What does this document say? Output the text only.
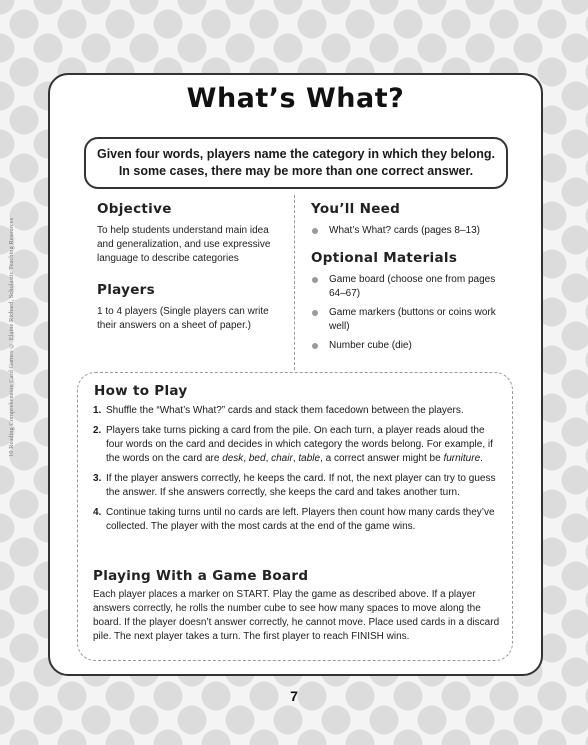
10 Reading Comprehension Card Games © Elaine Richard, Scholastic Teaching Resources
What’s What?
Given four words, players name the category in which they belong.
In some cases, there may be more than one correct answer.
Objective

To help students understand main idea and generalization, and use expressive language to describe categories

Players

1 to 4 players (Single players can write their answers on a sheet of paper.)

You’ll Need
What’s What? cards (pages 8–13)
Optional Materials
Game board (choose one from pages 64–67)
Game markers (buttons or coins work well)
Number cube (die)
How to Play
1. Shuffle the “What’s What?” cards and stack them facedown between the players.
2. Players take turns picking a card from the pile. On each turn, a player reads aloud the four words on the card and decides in which category the words belong. For example, if the words on the card are desk, bed, chair, table, a correct answer might be furniture.
3. If the player answers correctly, he keeps the card. If not, the next player can try to guess the answer. If she answers correctly, she keeps the card and takes another turn.
4. Continue taking turns until no cards are left. Players then count how many cards they’ve collected. The player with the most cards at the end of the game wins.
Playing With a Game Board

Each player places a marker on START. Play the game as described above. If a player answers correctly, he rolls the number cube to see how many spaces to move along the board. If the player doesn’t answer correctly, he cannot move. Place used cards in a discard pile. The next player takes a turn. The first player to reach FINISH wins.

7
